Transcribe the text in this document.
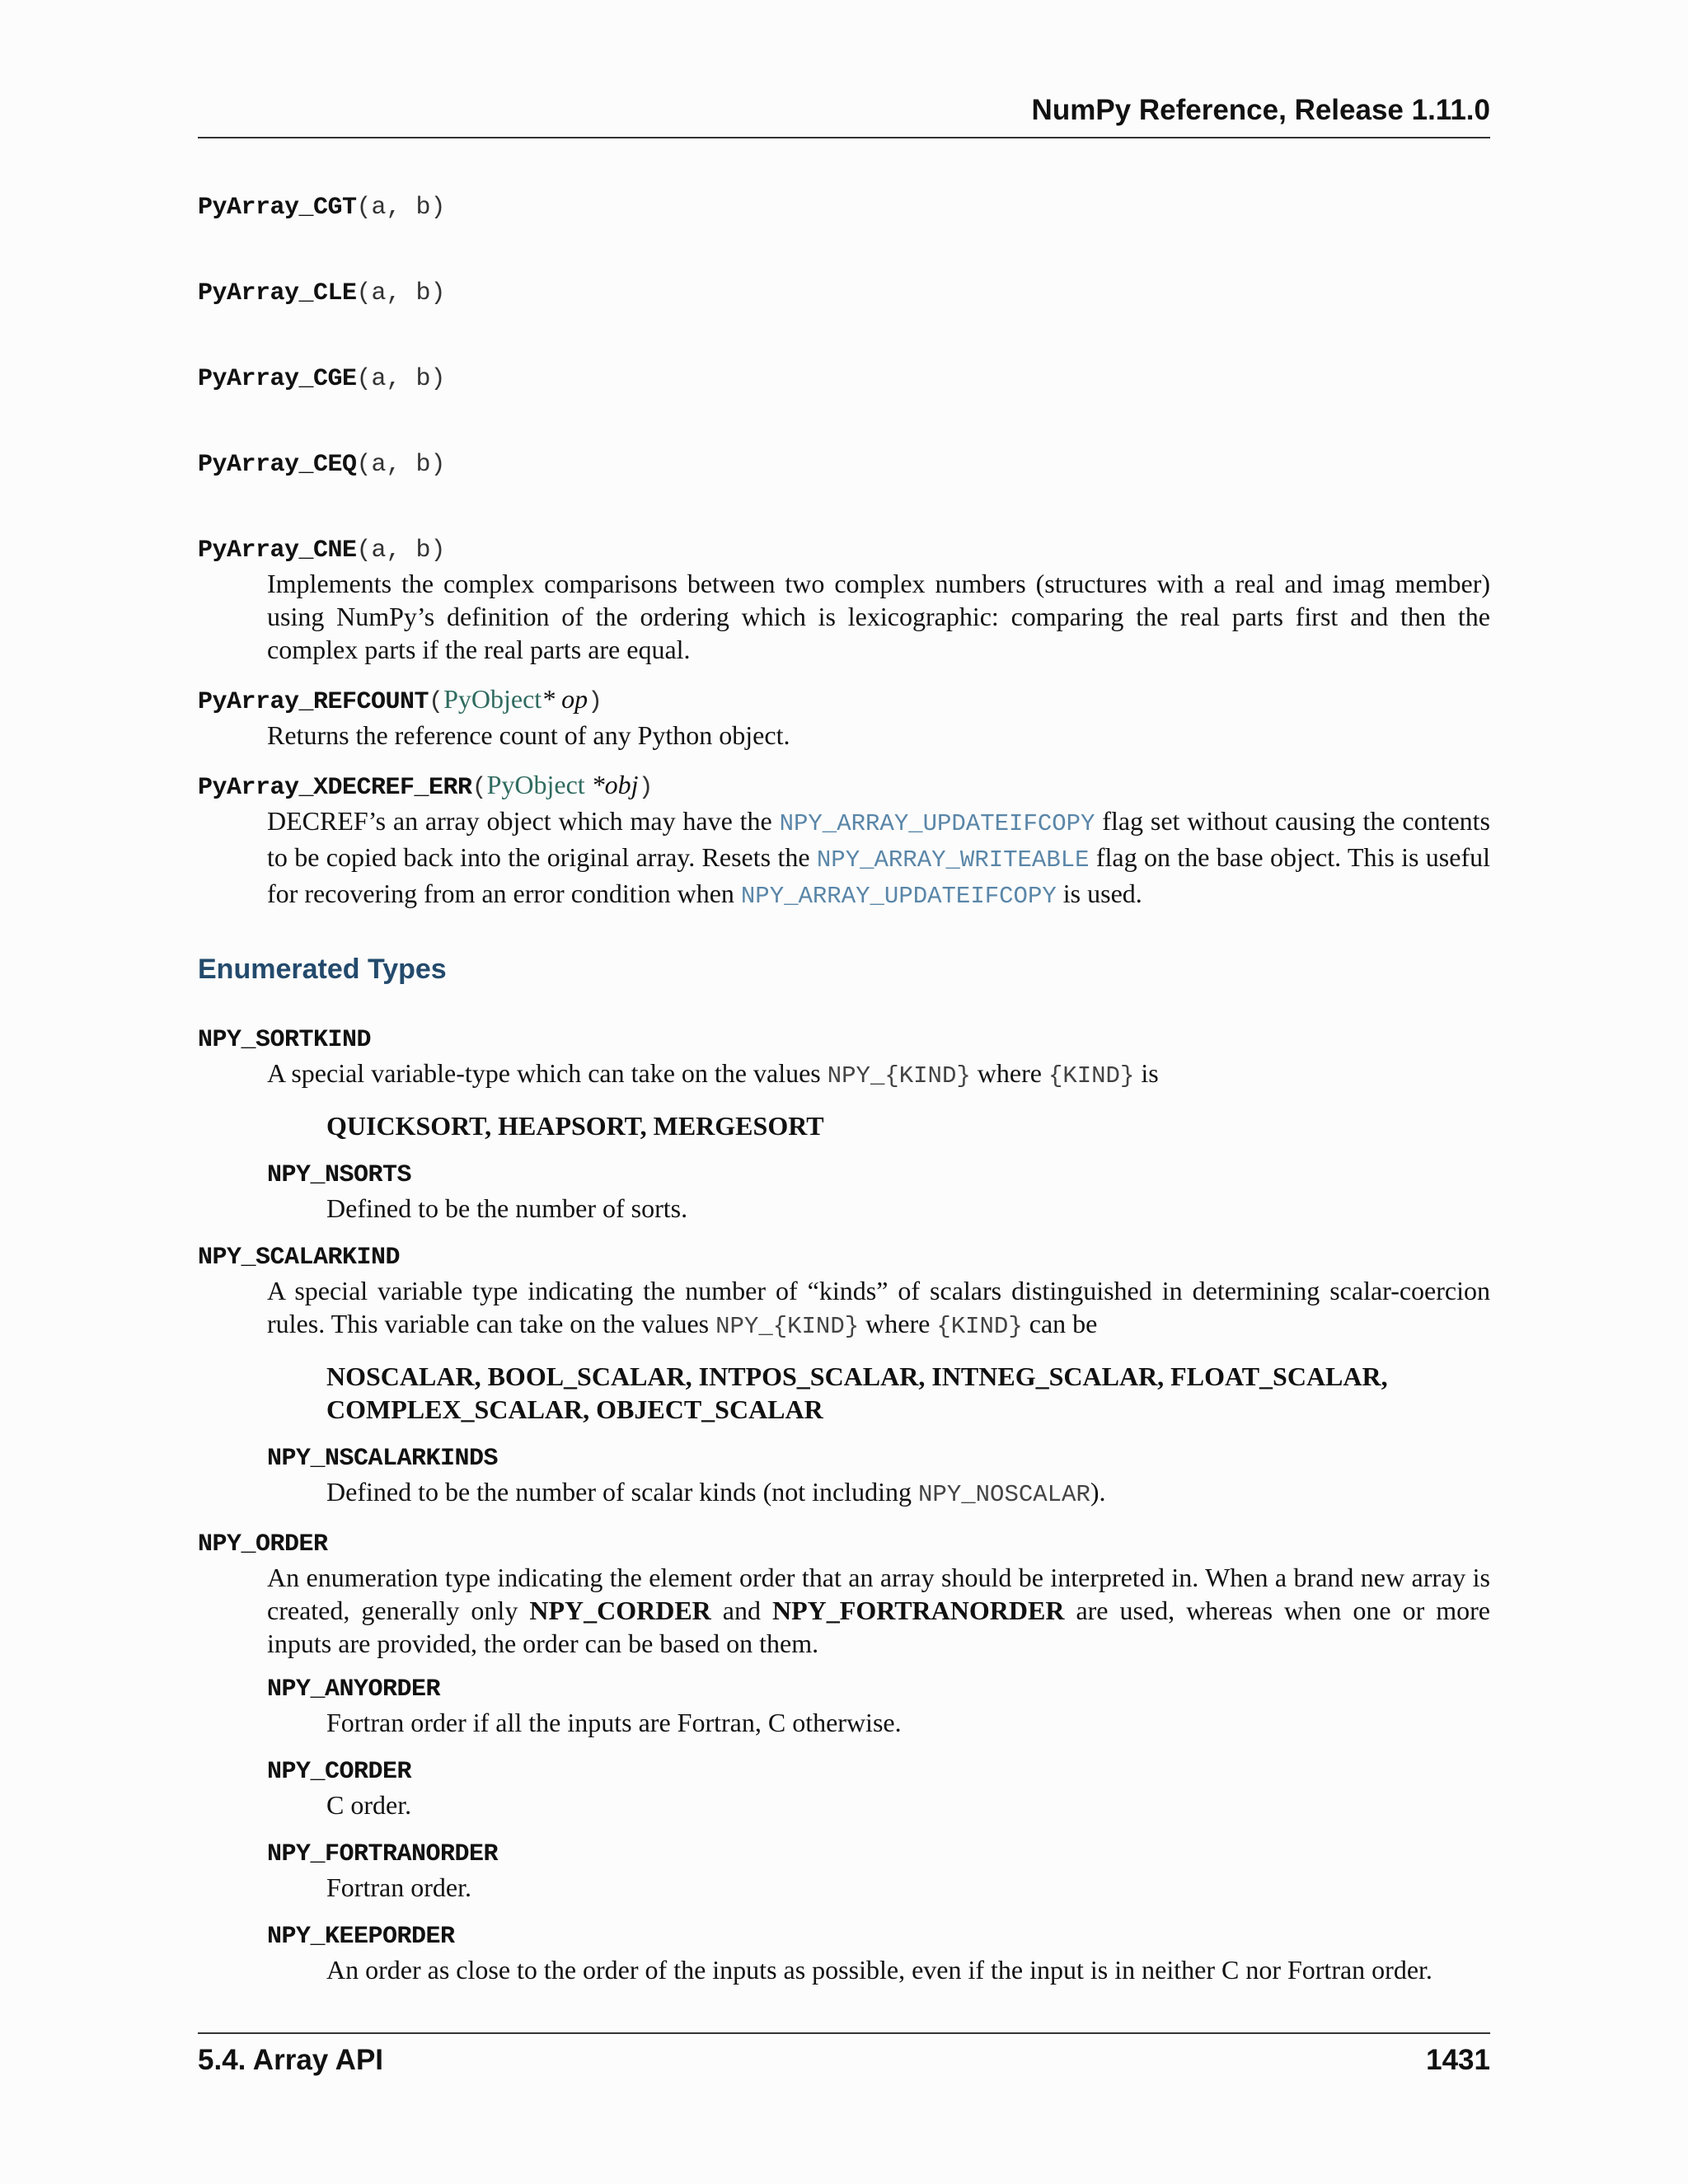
NumPy Reference, Release 1.11.0
PyArray_CGT(a, b)
PyArray_CLE(a, b)
PyArray_CGE(a, b)
PyArray_CEQ(a, b)
PyArray_CNE(a, b)

Implements the complex comparisons between two complex numbers (structures with a real and imag member) using NumPy’s definition of the ordering which is lexicographic: comparing the real parts first and then the complex parts if the real parts are equal.

PyArray_REFCOUNT(PyObject* op)

Returns the reference count of any Python object.

PyArray_XDECREF_ERR(PyObject *obj)

DECREF’s an array object which may have the NPY_ARRAY_UPDATEIFCOPY flag set without causing the contents to be copied back into the original array. Resets the NPY_ARRAY_WRITEABLE flag on the base object. This is useful for recovering from an error condition when NPY_ARRAY_UPDATEIFCOPY is used.

Enumerated Types
NPY_SORTKIND

A special variable-type which can take on the values NPY_{KIND} where {KIND} is

QUICKSORT, HEAPSORT, MERGESORT

NPY_NSORTS

Defined to be the number of sorts.

NPY_SCALARKIND

A special variable type indicating the number of “kinds” of scalars distinguished in determining scalar-coercion rules. This variable can take on the values NPY_{KIND} where {KIND} can be

NOSCALAR, BOOL_SCALAR, INTPOS_SCALAR, INTNEG_SCALAR, FLOAT_SCALAR, COMPLEX_SCALAR, OBJECT_SCALAR

NPY_NSCALARKINDS

Defined to be the number of scalar kinds (not including NPY_NOSCALAR).

NPY_ORDER

An enumeration type indicating the element order that an array should be interpreted in. When a brand new array is created, generally only NPY_CORDER and NPY_FORTRANORDER are used, whereas when one or more inputs are provided, the order can be based on them.

NPY_ANYORDER

Fortran order if all the inputs are Fortran, C otherwise.

NPY_CORDER

C order.

NPY_FORTRANORDER

Fortran order.

NPY_KEEPORDER

An order as close to the order of the inputs as possible, even if the input is in neither C nor Fortran order.

5.4. Array API	1431
